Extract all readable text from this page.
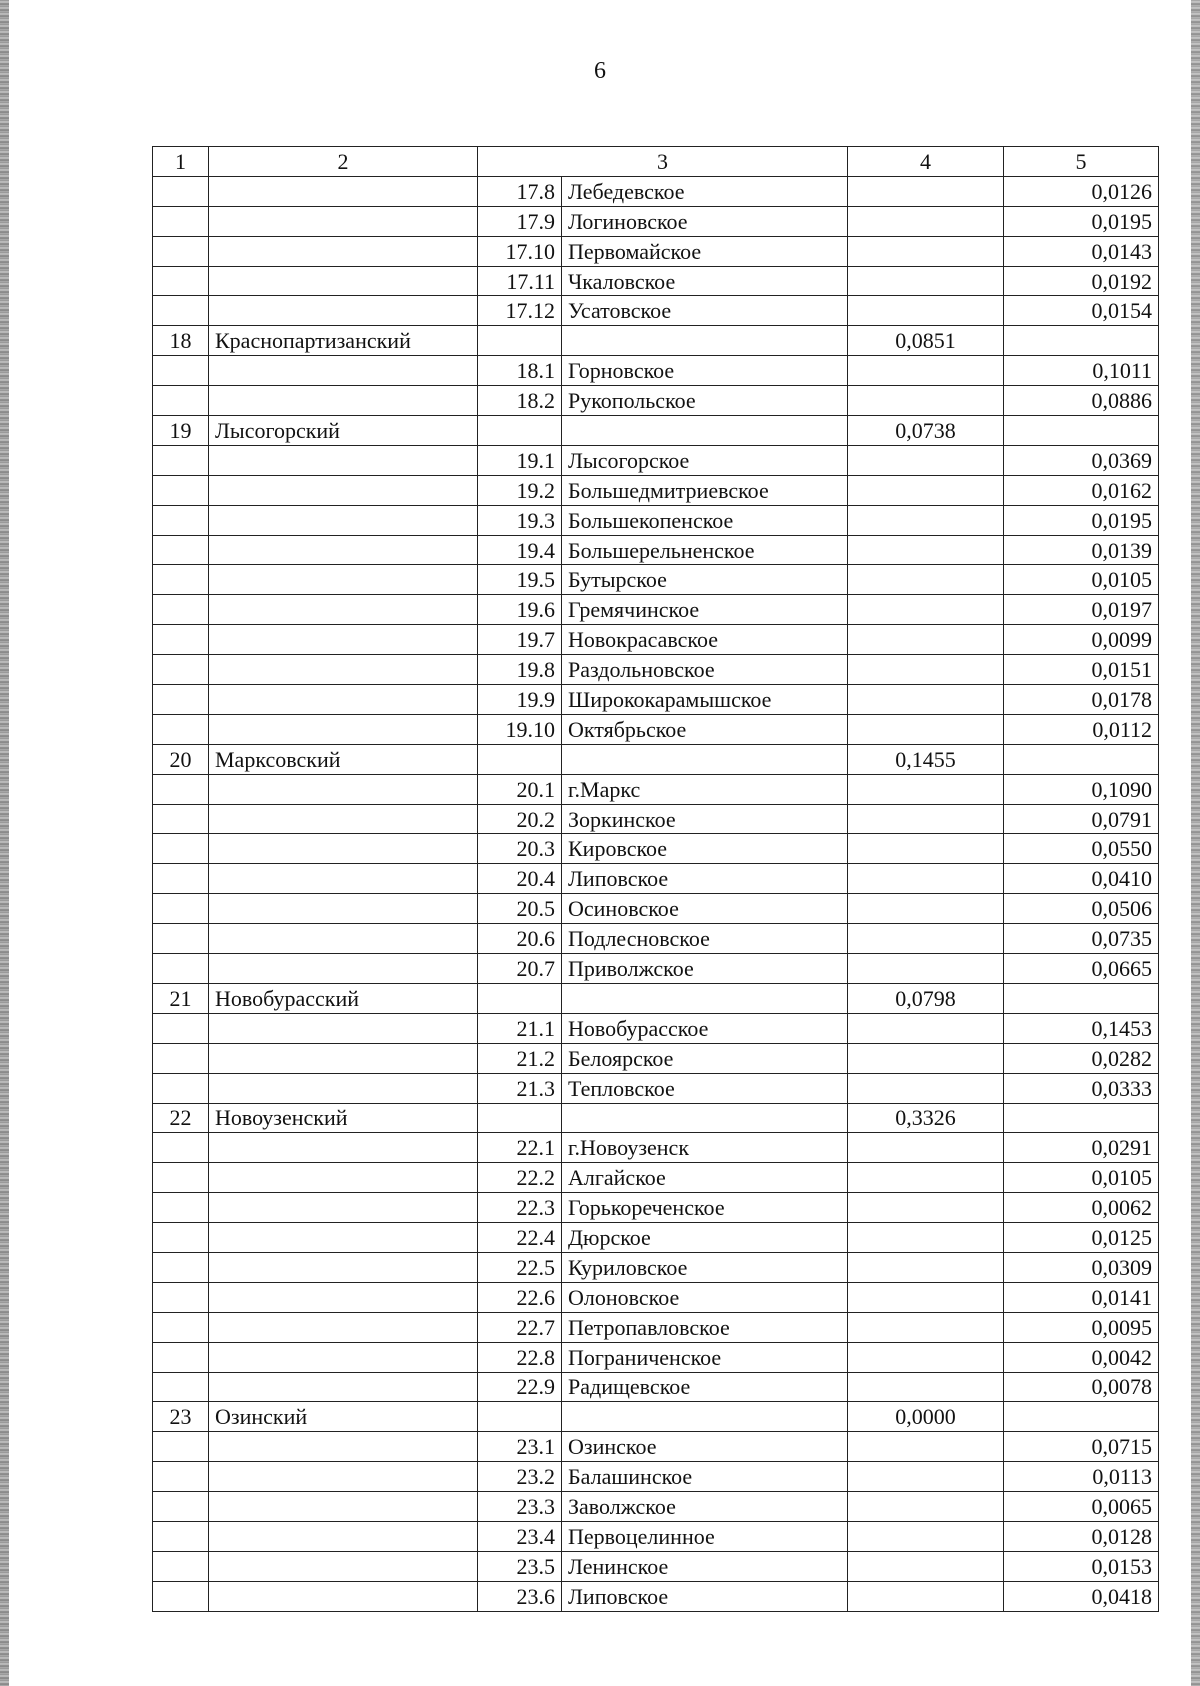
6
1	2	3		4	5
		17.8	Лебедевское		0,0126
		17.9	Логиновское		0,0195
		17.10	Первомайское		0,0143
		17.11	Чкаловское		0,0192
		17.12	Усатовское		0,0154
18	Краснопартизанский			0,0851	
		18.1	Горновское		0,1011
		18.2	Рукопольское		0,0886
19	Лысогорский			0,0738	
		19.1	Лысогорское		0,0369
		19.2	Большедмитриевское		0,0162
		19.3	Большекопенское		0,0195
		19.4	Большерельненское		0,0139
		19.5	Бутырское		0,0105
		19.6	Гремячинское		0,0197
		19.7	Новокрасавское		0,0099
		19.8	Раздольновское		0,0151
		19.9	Ширококарамышское		0,0178
		19.10	Октябрьское		0,0112
20	Марксовский			0,1455	
		20.1	г.Маркс		0,1090
		20.2	Зоркинское		0,0791
		20.3	Кировское		0,0550
		20.4	Липовское		0,0410
		20.5	Осиновское		0,0506
		20.6	Подлесновское		0,0735
		20.7	Приволжское		0,0665
21	Новобурасский			0,0798	
		21.1	Новобурасское		0,1453
		21.2	Белоярское		0,0282
		21.3	Тепловское		0,0333
22	Новоузенский			0,3326	
		22.1	г.Новоузенск		0,0291
		22.2	Алгайское		0,0105
		22.3	Горькореченское		0,0062
		22.4	Дюрское		0,0125
		22.5	Куриловское		0,0309
		22.6	Олоновское		0,0141
		22.7	Петропавловское		0,0095
		22.8	Пограниченское		0,0042
		22.9	Радищевское		0,0078
23	Озинский			0,0000	
		23.1	Озинское		0,0715
		23.2	Балашинское		0,0113
		23.3	Заволжское		0,0065
		23.4	Первоцелинное		0,0128
		23.5	Ленинское		0,0153
		23.6	Липовское		0,0418
